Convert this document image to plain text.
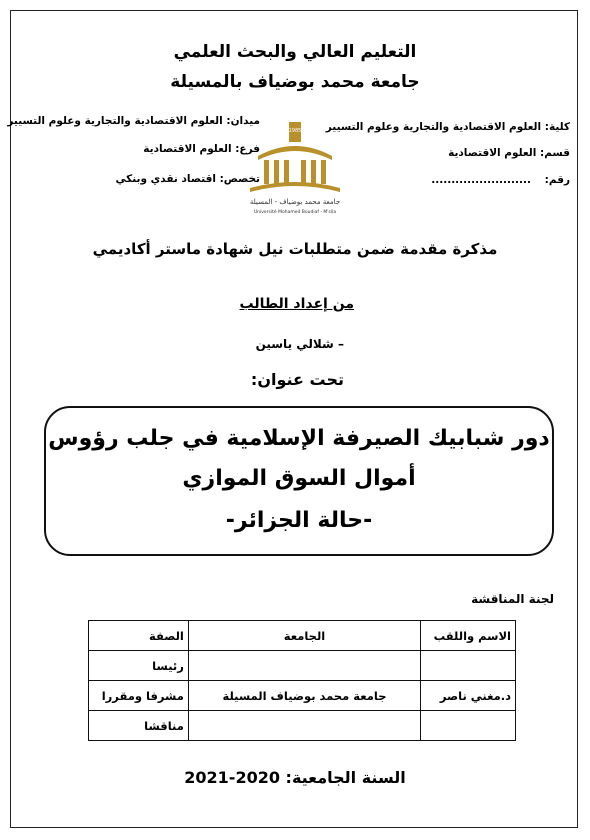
التعليم العالي والبحث العلمي
جامعة محمد بوضياف بالمسيلة
كلية: العلوم الاقتصادية والتجارية وعلوم التسيير
قسم: العلوم الاقتصادية
رقم: .........................
ميدان: العلوم الاقتصادية والتجارية وعلوم التسيير
فرع: العلوم الاقتصادية
تخصص: اقتصاد نقدي وبنكي
1985
جامعة محمد بوضياف - المسيلة
Université Mohamed Boudiaf - M'sila
مذكرة مقدمة ضمن متطلبات نيل شهادة ماستر أكاديمي
من إعداد الطالب
– شلالي ياسين
تحت عنوان:
دور شبابيك الصيرفة الإسلامية في جلب رؤوس
أموال السوق الموازي
-حالة الجزائر-
لجنة المناقشة
الاسم واللقب	الجامعة	الصفة
		رئيسا
د.مغني ناصر	جامعة محمد بوضياف المسيلة	مشرفا ومقررا
		مناقشا
السنة الجامعية: 2020-2021
